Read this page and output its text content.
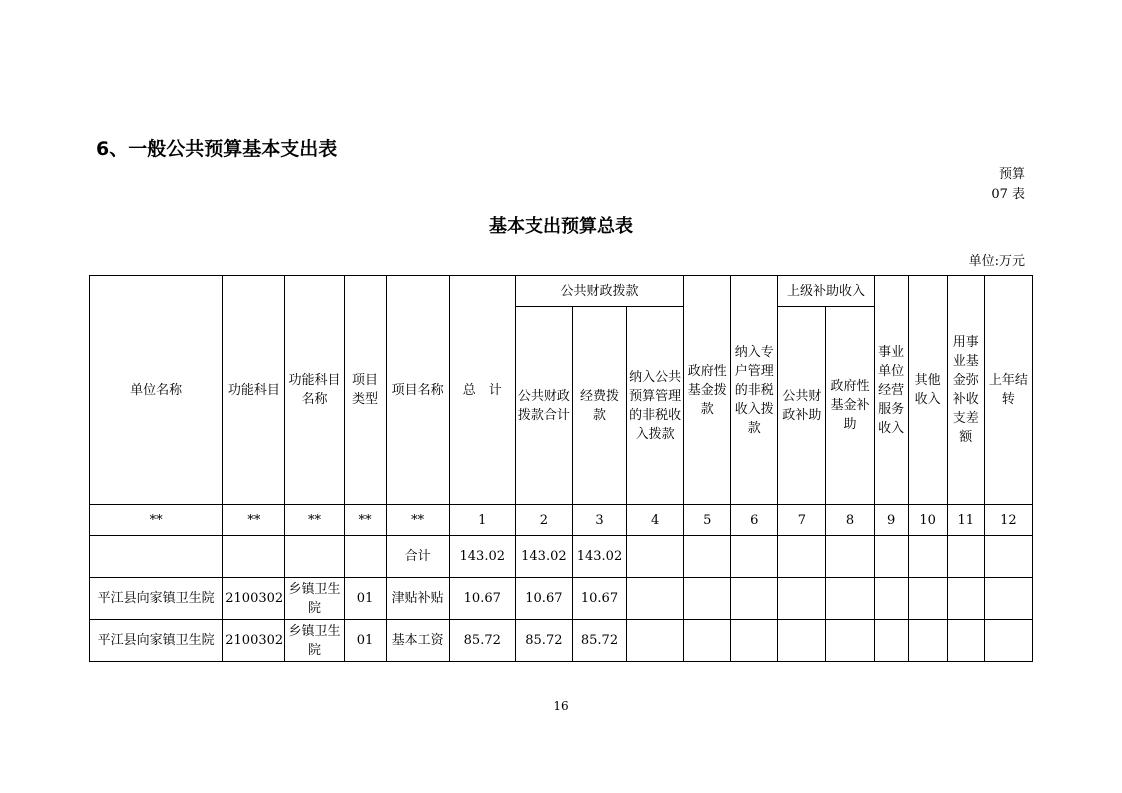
6、一般公共预算基本支出表
预算
07 表
基本支出预算总表
单位:万元
单位名称	功能科目	功能科目名称	项目类型	项目名称	总　计	公共财政拨款			政府性基金拨款	纳入专户管理的非税收入拨款	上级补助收入		事业单位经营服务收入	其他收入	用事业基金弥补收支差额	上年结转
						公共财政拨款合计	经费拨款	纳入公共预算管理的非税收入拨款			公共财政补助	政府性基金补助				
**	**	**	**	**	1	2	3	4	5	6	7	8	9	10	11	12
				合计	143.02	143.02	143.02									
平江县向家镇卫生院	2100302	乡镇卫生院	01	津贴补贴	10.67	10.67	10.67									
平江县向家镇卫生院	2100302	乡镇卫生院	01	基本工资	85.72	85.72	85.72									
16
